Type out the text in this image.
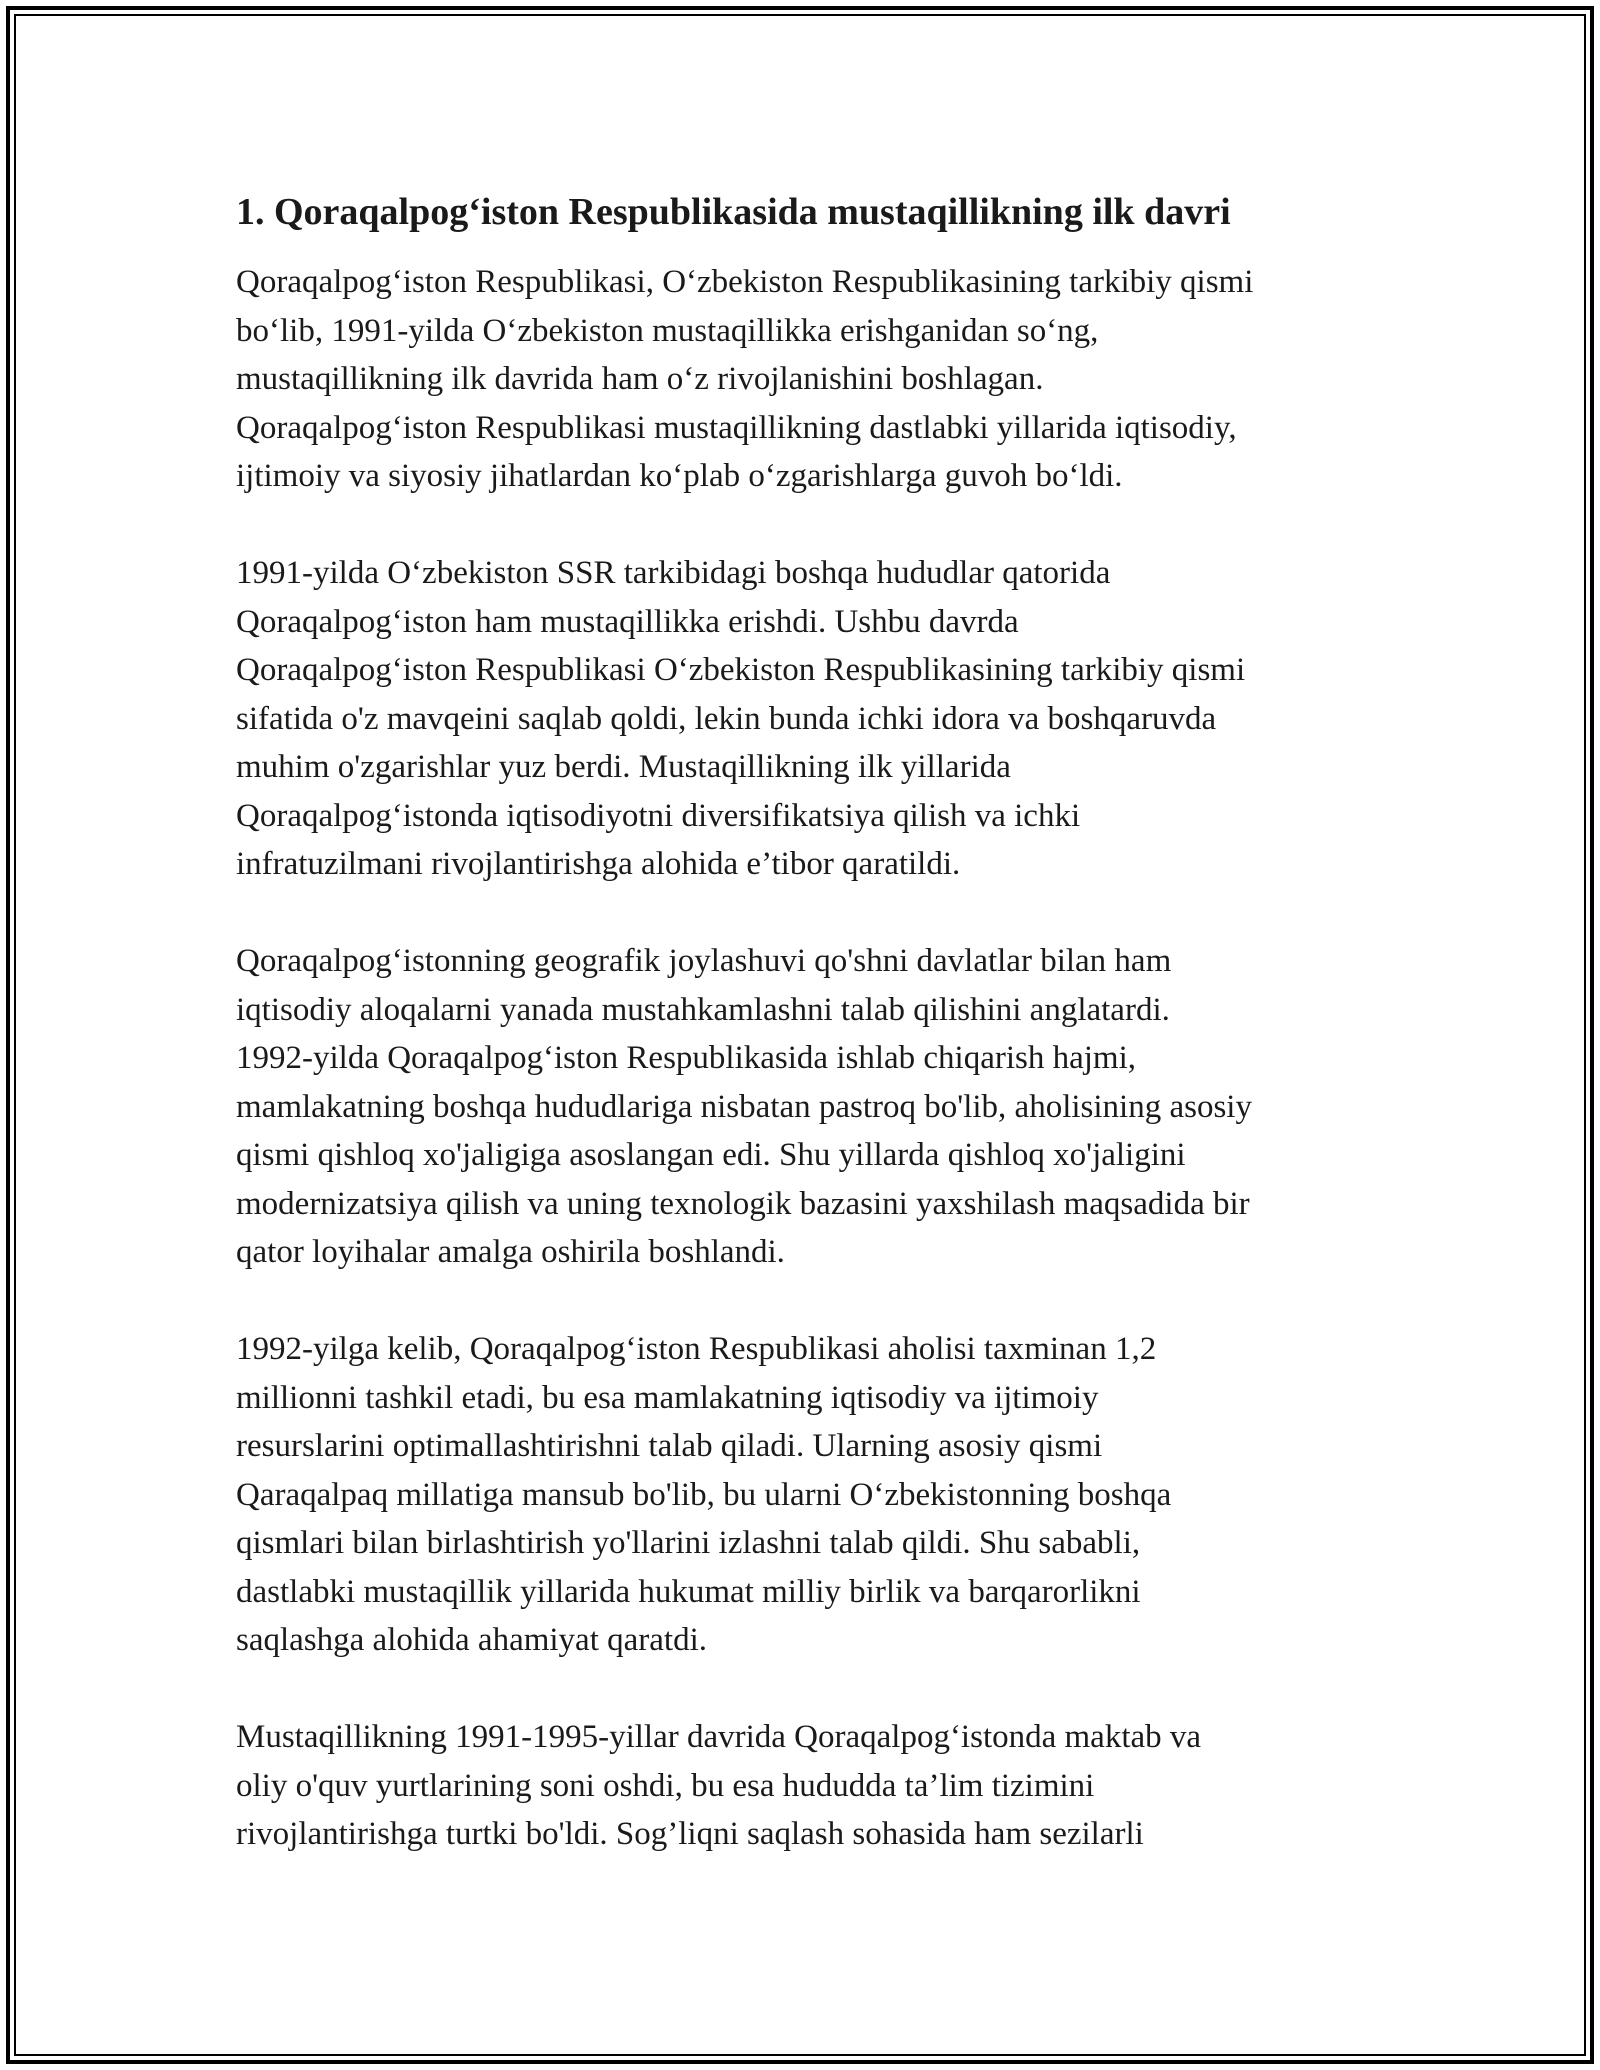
1. Qoraqalpog‘iston Respublikasida mustaqillikning ilk davri

Qoraqalpog‘iston Respublikasi, O‘zbekiston Respublikasining tarkibiy qismi
bo‘lib, 1991-yilda O‘zbekiston mustaqillikka erishganidan so‘ng,
mustaqillikning ilk davrida ham o‘z rivojlanishini boshlagan.
Qoraqalpog‘iston Respublikasi mustaqillikning dastlabki yillarida iqtisodiy,
ijtimoiy va siyosiy jihatlardan ko‘plab o‘zgarishlarga guvoh bo‘ldi.

1991-yilda O‘zbekiston SSR tarkibidagi boshqa hududlar qatorida
Qoraqalpog‘iston ham mustaqillikka erishdi. Ushbu davrda
Qoraqalpog‘iston Respublikasi O‘zbekiston Respublikasining tarkibiy qismi
sifatida o'z mavqeini saqlab qoldi, lekin bunda ichki idora va boshqaruvda
muhim o'zgarishlar yuz berdi. Mustaqillikning ilk yillarida
Qoraqalpog‘istonda iqtisodiyotni diversifikatsiya qilish va ichki
infratuzilmani rivojlantirishga alohida e’tibor qaratildi.

Qoraqalpog‘istonning geografik joylashuvi qo'shni davlatlar bilan ham
iqtisodiy aloqalarni yanada mustahkamlashni talab qilishini anglatardi.
1992-yilda Qoraqalpog‘iston Respublikasida ishlab chiqarish hajmi,
mamlakatning boshqa hududlariga nisbatan pastroq bo'lib, aholisining asosiy
qismi qishloq xo'jaligiga asoslangan edi. Shu yillarda qishloq xo'jaligini
modernizatsiya qilish va uning texnologik bazasini yaxshilash maqsadida bir
qator loyihalar amalga oshirila boshlandi.

1992-yilga kelib, Qoraqalpog‘iston Respublikasi aholisi taxminan 1,2
millionni tashkil etadi, bu esa mamlakatning iqtisodiy va ijtimoiy
resurslarini optimallashtirishni talab qiladi. Ularning asosiy qismi
Qaraqalpaq millatiga mansub bo'lib, bu ularni O‘zbekistonning boshqa
qismlari bilan birlashtirish yo'llarini izlashni talab qildi. Shu sababli,
dastlabki mustaqillik yillarida hukumat milliy birlik va barqarorlikni
saqlashga alohida ahamiyat qaratdi.

Mustaqillikning 1991-1995-yillar davrida Qoraqalpog‘istonda maktab va
oliy o'quv yurtlarining soni oshdi, bu esa hududda ta’lim tizimini
rivojlantirishga turtki bo'ldi. Sog’liqni saqlash sohasida ham sezilarli
